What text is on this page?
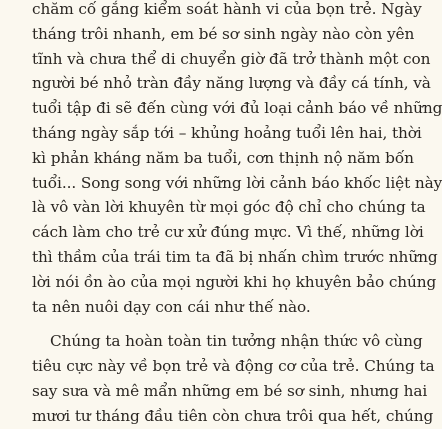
chăm cố gắng kiểm soát hành vi của bọn trẻ. Ngày
tháng trôi nhanh, em bé sơ sinh ngày nào còn yên
tĩnh và chưa thể di chuyển giờ đã trở thành một con
người bé nhỏ tràn đầy năng lượng và đầy cá tính, và
tuổi tập đi sẽ đến cùng với đủ loại cảnh báo về những
tháng ngày sắp tới – khủng hoảng tuổi lên hai, thời
kì phản kháng năm ba tuổi, cơn thịnh nộ năm bốn
tuổi... Song song với những lời cảnh báo khốc liệt này
là vô vàn lời khuyên từ mọi góc độ chỉ cho chúng ta
cách làm cho trẻ cư xử đúng mực. Vì thế, những lời
thì thầm của trái tim ta đã bị nhấn chìm trước những
lời nói ồn ào của mọi người khi họ khuyên bảo chúng
ta nên nuôi dạy con cái như thế nào.
Chúng ta hoàn toàn tin tưởng nhận thức vô cùng
tiêu cực này về bọn trẻ và động cơ của trẻ. Chúng ta
say sưa và mê mẩn những em bé sơ sinh, nhưng hai
mươi tư tháng đầu tiên còn chưa trôi qua hết, chúng
